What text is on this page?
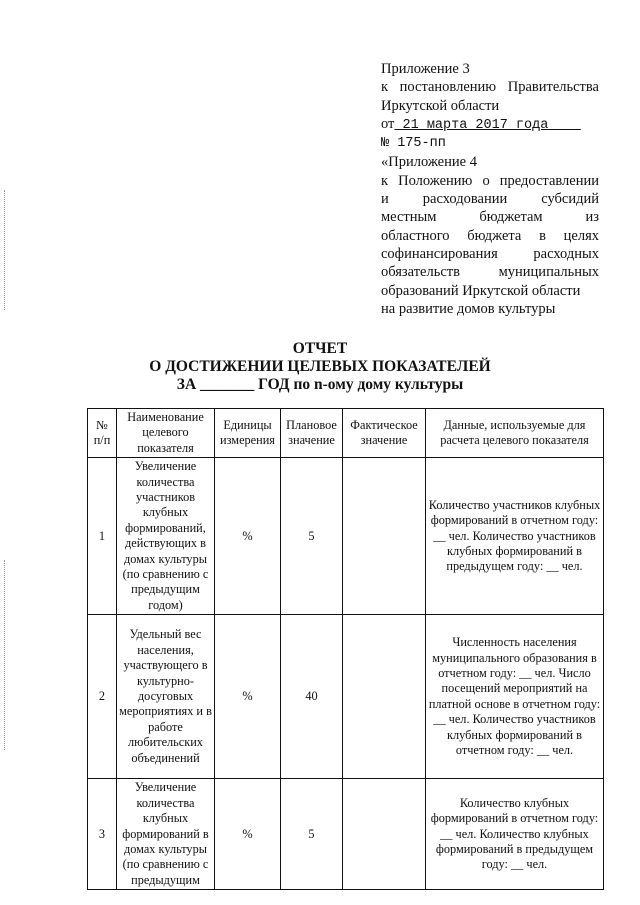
Приложение 3
к постановлению Правительства
Иркутской области
от 21 марта 2017 года
№ 175-пп
«Приложение 4
к Положению о предоставлении
и расходовании субсидий
местным бюджетам из
областного бюджета в целях
софинансирования расходных
обязательств муниципальных
образований Иркутской области
на развитие домов культуры
ОТЧЕТ
О ДОСТИЖЕНИИ ЦЕЛЕВЫХ ПОКАЗАТЕЛЕЙ
ЗА _______ ГОД по n-ому дому культуры
№ п/п	Наименование целевого показателя	Единицы измерения	Плановое значение	Фактическое значение	Данные, используемые для расчета целевого показателя
1	Увеличение количества участников клубных формирований, действующих в домах культуры (по сравнению с предыдущим годом)	%	5		Количество участников клубных формирований в отчетном году: __ чел. Количество участников клубных формирований в предыдущем году: __ чел.
2	Удельный вес населения, участвующего в культурно-досуговых мероприятиях и в работе любительских объединений	%	40		Численность населения муниципального образования в отчетном году: __ чел. Число посещений мероприятий на платной основе в отчетном году: __ чел. Количество участников клубных формирований в отчетном году: __ чел.
3	Увеличение количества клубных формирований в домах культуры (по сравнению с предыдущим	%	5		Количество клубных формирований в отчетном году: __ чел. Количество клубных формирований в предыдущем году: __ чел.
